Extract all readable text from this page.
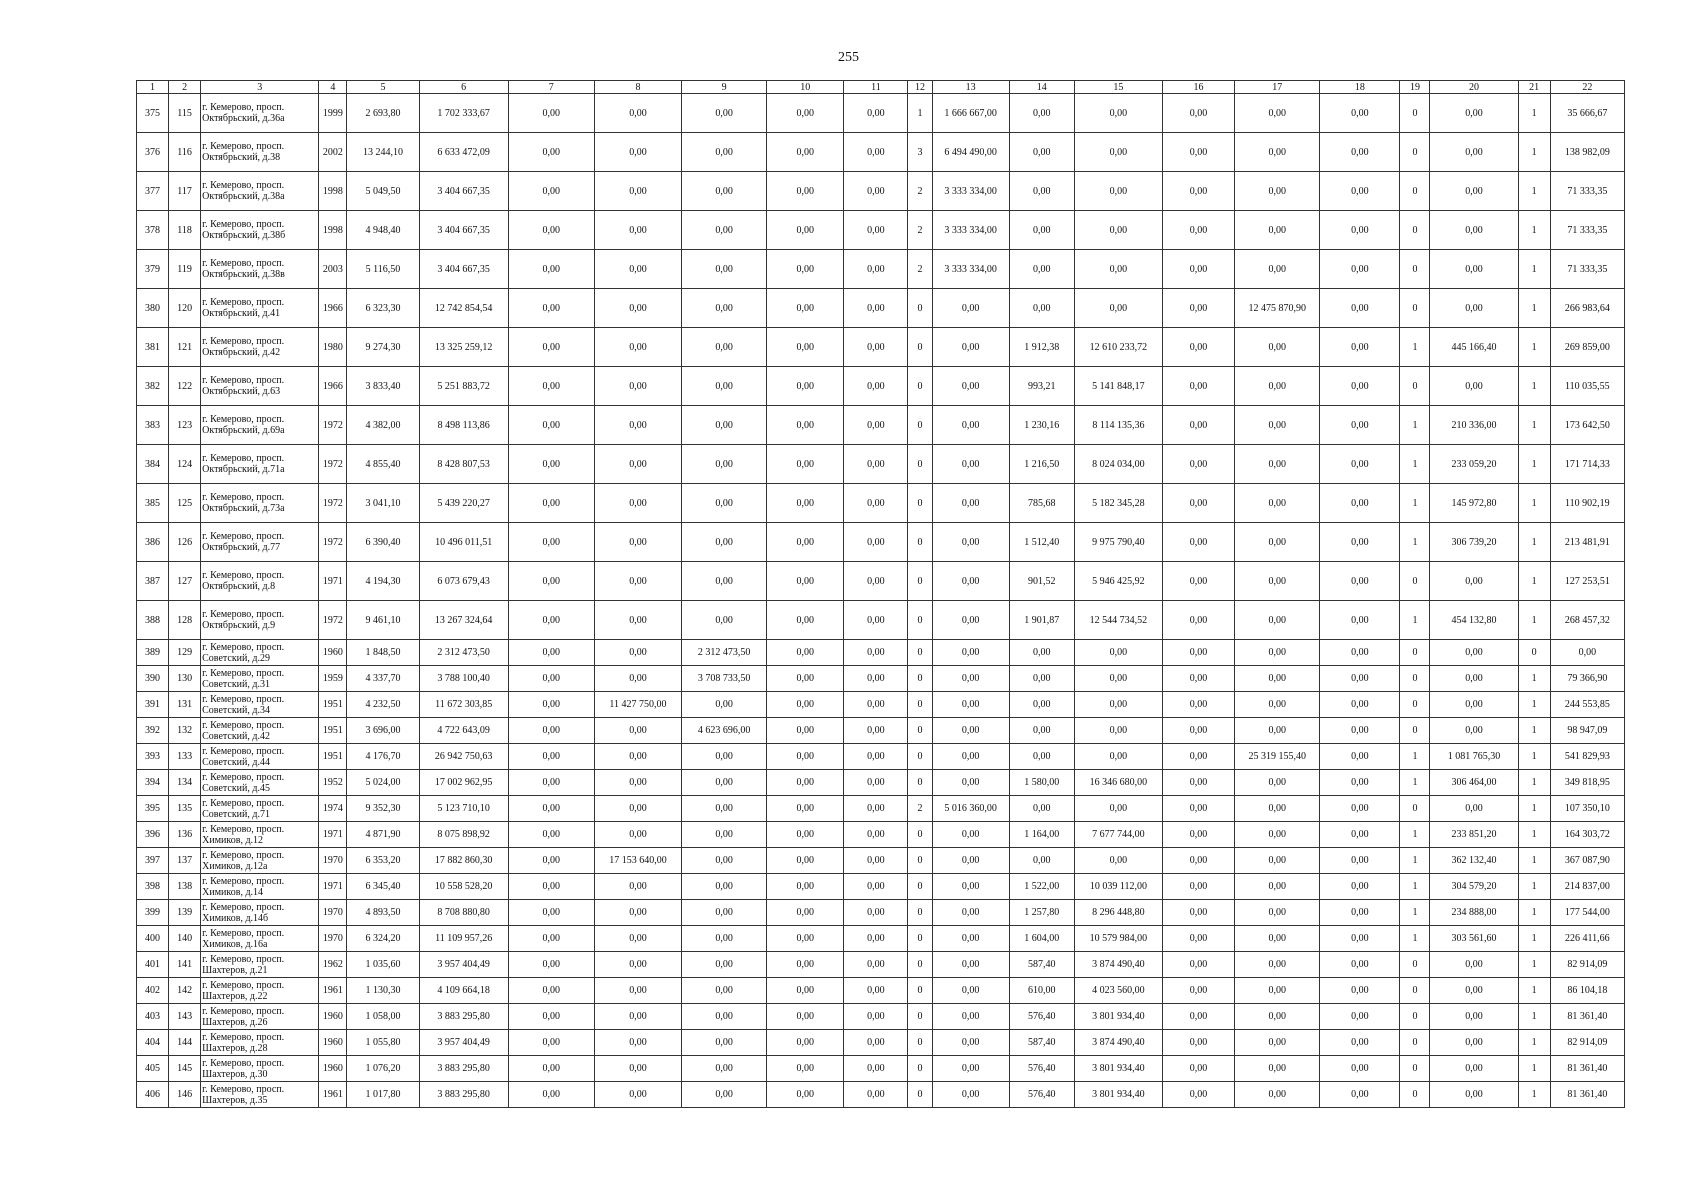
255
1	2	3	4	5	6	7	8	9	10	11	12	13	14	15	16	17	18	19	20	21	22
375	115	г. Кемерово, просп. Октябрьский, д.36а	1999	2 693,80	1 702 333,67	0,00	0,00	0,00	0,00	0,00	1	1 666 667,00	0,00	0,00	0,00	0,00	0,00	0	0,00	1	35 666,67
376	116	г. Кемерово, просп. Октябрьский, д.38	2002	13 244,10	6 633 472,09	0,00	0,00	0,00	0,00	0,00	3	6 494 490,00	0,00	0,00	0,00	0,00	0,00	0	0,00	1	138 982,09
377	117	г. Кемерово, просп. Октябрьский, д.38а	1998	5 049,50	3 404 667,35	0,00	0,00	0,00	0,00	0,00	2	3 333 334,00	0,00	0,00	0,00	0,00	0,00	0	0,00	1	71 333,35
378	118	г. Кемерово, просп. Октябрьский, д.38б	1998	4 948,40	3 404 667,35	0,00	0,00	0,00	0,00	0,00	2	3 333 334,00	0,00	0,00	0,00	0,00	0,00	0	0,00	1	71 333,35
379	119	г. Кемерово, просп. Октябрьский, д.38в	2003	5 116,50	3 404 667,35	0,00	0,00	0,00	0,00	0,00	2	3 333 334,00	0,00	0,00	0,00	0,00	0,00	0	0,00	1	71 333,35
380	120	г. Кемерово, просп. Октябрьский, д.41	1966	6 323,30	12 742 854,54	0,00	0,00	0,00	0,00	0,00	0	0,00	0,00	0,00	0,00	12 475 870,90	0,00	0	0,00	1	266 983,64
381	121	г. Кемерово, просп. Октябрьский, д.42	1980	9 274,30	13 325 259,12	0,00	0,00	0,00	0,00	0,00	0	0,00	1 912,38	12 610 233,72	0,00	0,00	0,00	1	445 166,40	1	269 859,00
382	122	г. Кемерово, просп. Октябрьский, д.63	1966	3 833,40	5 251 883,72	0,00	0,00	0,00	0,00	0,00	0	0,00	993,21	5 141 848,17	0,00	0,00	0,00	0	0,00	1	110 035,55
383	123	г. Кемерово, просп. Октябрьский, д.69а	1972	4 382,00	8 498 113,86	0,00	0,00	0,00	0,00	0,00	0	0,00	1 230,16	8 114 135,36	0,00	0,00	0,00	1	210 336,00	1	173 642,50
384	124	г. Кемерово, просп. Октябрьский, д.71а	1972	4 855,40	8 428 807,53	0,00	0,00	0,00	0,00	0,00	0	0,00	1 216,50	8 024 034,00	0,00	0,00	0,00	1	233 059,20	1	171 714,33
385	125	г. Кемерово, просп. Октябрьский, д.73а	1972	3 041,10	5 439 220,27	0,00	0,00	0,00	0,00	0,00	0	0,00	785,68	5 182 345,28	0,00	0,00	0,00	1	145 972,80	1	110 902,19
386	126	г. Кемерово, просп. Октябрьский, д.77	1972	6 390,40	10 496 011,51	0,00	0,00	0,00	0,00	0,00	0	0,00	1 512,40	9 975 790,40	0,00	0,00	0,00	1	306 739,20	1	213 481,91
387	127	г. Кемерово, просп. Октябрьский, д.8	1971	4 194,30	6 073 679,43	0,00	0,00	0,00	0,00	0,00	0	0,00	901,52	5 946 425,92	0,00	0,00	0,00	0	0,00	1	127 253,51
388	128	г. Кемерово, просп. Октябрьский, д.9	1972	9 461,10	13 267 324,64	0,00	0,00	0,00	0,00	0,00	0	0,00	1 901,87	12 544 734,52	0,00	0,00	0,00	1	454 132,80	1	268 457,32
389	129	г. Кемерово, просп. Советский, д.29	1960	1 848,50	2 312 473,50	0,00	0,00	2 312 473,50	0,00	0,00	0	0,00	0,00	0,00	0,00	0,00	0,00	0	0,00	0	0,00
390	130	г. Кемерово, просп. Советский, д.31	1959	4 337,70	3 788 100,40	0,00	0,00	3 708 733,50	0,00	0,00	0	0,00	0,00	0,00	0,00	0,00	0,00	0	0,00	1	79 366,90
391	131	г. Кемерово, просп. Советский, д.34	1951	4 232,50	11 672 303,85	0,00	11 427 750,00	0,00	0,00	0,00	0	0,00	0,00	0,00	0,00	0,00	0,00	0	0,00	1	244 553,85
392	132	г. Кемерово, просп. Советский, д.42	1951	3 696,00	4 722 643,09	0,00	0,00	4 623 696,00	0,00	0,00	0	0,00	0,00	0,00	0,00	0,00	0,00	0	0,00	1	98 947,09
393	133	г. Кемерово, просп. Советский, д.44	1951	4 176,70	26 942 750,63	0,00	0,00	0,00	0,00	0,00	0	0,00	0,00	0,00	0,00	25 319 155,40	0,00	1	1 081 765,30	1	541 829,93
394	134	г. Кемерово, просп. Советский, д.45	1952	5 024,00	17 002 962,95	0,00	0,00	0,00	0,00	0,00	0	0,00	1 580,00	16 346 680,00	0,00	0,00	0,00	1	306 464,00	1	349 818,95
395	135	г. Кемерово, просп. Советский, д.71	1974	9 352,30	5 123 710,10	0,00	0,00	0,00	0,00	0,00	2	5 016 360,00	0,00	0,00	0,00	0,00	0,00	0	0,00	1	107 350,10
396	136	г. Кемерово, просп. Химиков, д.12	1971	4 871,90	8 075 898,92	0,00	0,00	0,00	0,00	0,00	0	0,00	1 164,00	7 677 744,00	0,00	0,00	0,00	1	233 851,20	1	164 303,72
397	137	г. Кемерово, просп. Химиков, д.12а	1970	6 353,20	17 882 860,30	0,00	17 153 640,00	0,00	0,00	0,00	0	0,00	0,00	0,00	0,00	0,00	0,00	1	362 132,40	1	367 087,90
398	138	г. Кемерово, просп. Химиков, д.14	1971	6 345,40	10 558 528,20	0,00	0,00	0,00	0,00	0,00	0	0,00	1 522,00	10 039 112,00	0,00	0,00	0,00	1	304 579,20	1	214 837,00
399	139	г. Кемерово, просп. Химиков, д.14б	1970	4 893,50	8 708 880,80	0,00	0,00	0,00	0,00	0,00	0	0,00	1 257,80	8 296 448,80	0,00	0,00	0,00	1	234 888,00	1	177 544,00
400	140	г. Кемерово, просп. Химиков, д.16а	1970	6 324,20	11 109 957,26	0,00	0,00	0,00	0,00	0,00	0	0,00	1 604,00	10 579 984,00	0,00	0,00	0,00	1	303 561,60	1	226 411,66
401	141	г. Кемерово, просп. Шахтеров, д.21	1962	1 035,60	3 957 404,49	0,00	0,00	0,00	0,00	0,00	0	0,00	587,40	3 874 490,40	0,00	0,00	0,00	0	0,00	1	82 914,09
402	142	г. Кемерово, просп. Шахтеров, д.22	1961	1 130,30	4 109 664,18	0,00	0,00	0,00	0,00	0,00	0	0,00	610,00	4 023 560,00	0,00	0,00	0,00	0	0,00	1	86 104,18
403	143	г. Кемерово, просп. Шахтеров, д.26	1960	1 058,00	3 883 295,80	0,00	0,00	0,00	0,00	0,00	0	0,00	576,40	3 801 934,40	0,00	0,00	0,00	0	0,00	1	81 361,40
404	144	г. Кемерово, просп. Шахтеров, д.28	1960	1 055,80	3 957 404,49	0,00	0,00	0,00	0,00	0,00	0	0,00	587,40	3 874 490,40	0,00	0,00	0,00	0	0,00	1	82 914,09
405	145	г. Кемерово, просп. Шахтеров, д.30	1960	1 076,20	3 883 295,80	0,00	0,00	0,00	0,00	0,00	0	0,00	576,40	3 801 934,40	0,00	0,00	0,00	0	0,00	1	81 361,40
406	146	г. Кемерово, просп. Шахтеров, д.35	1961	1 017,80	3 883 295,80	0,00	0,00	0,00	0,00	0,00	0	0,00	576,40	3 801 934,40	0,00	0,00	0,00	0	0,00	1	81 361,40
